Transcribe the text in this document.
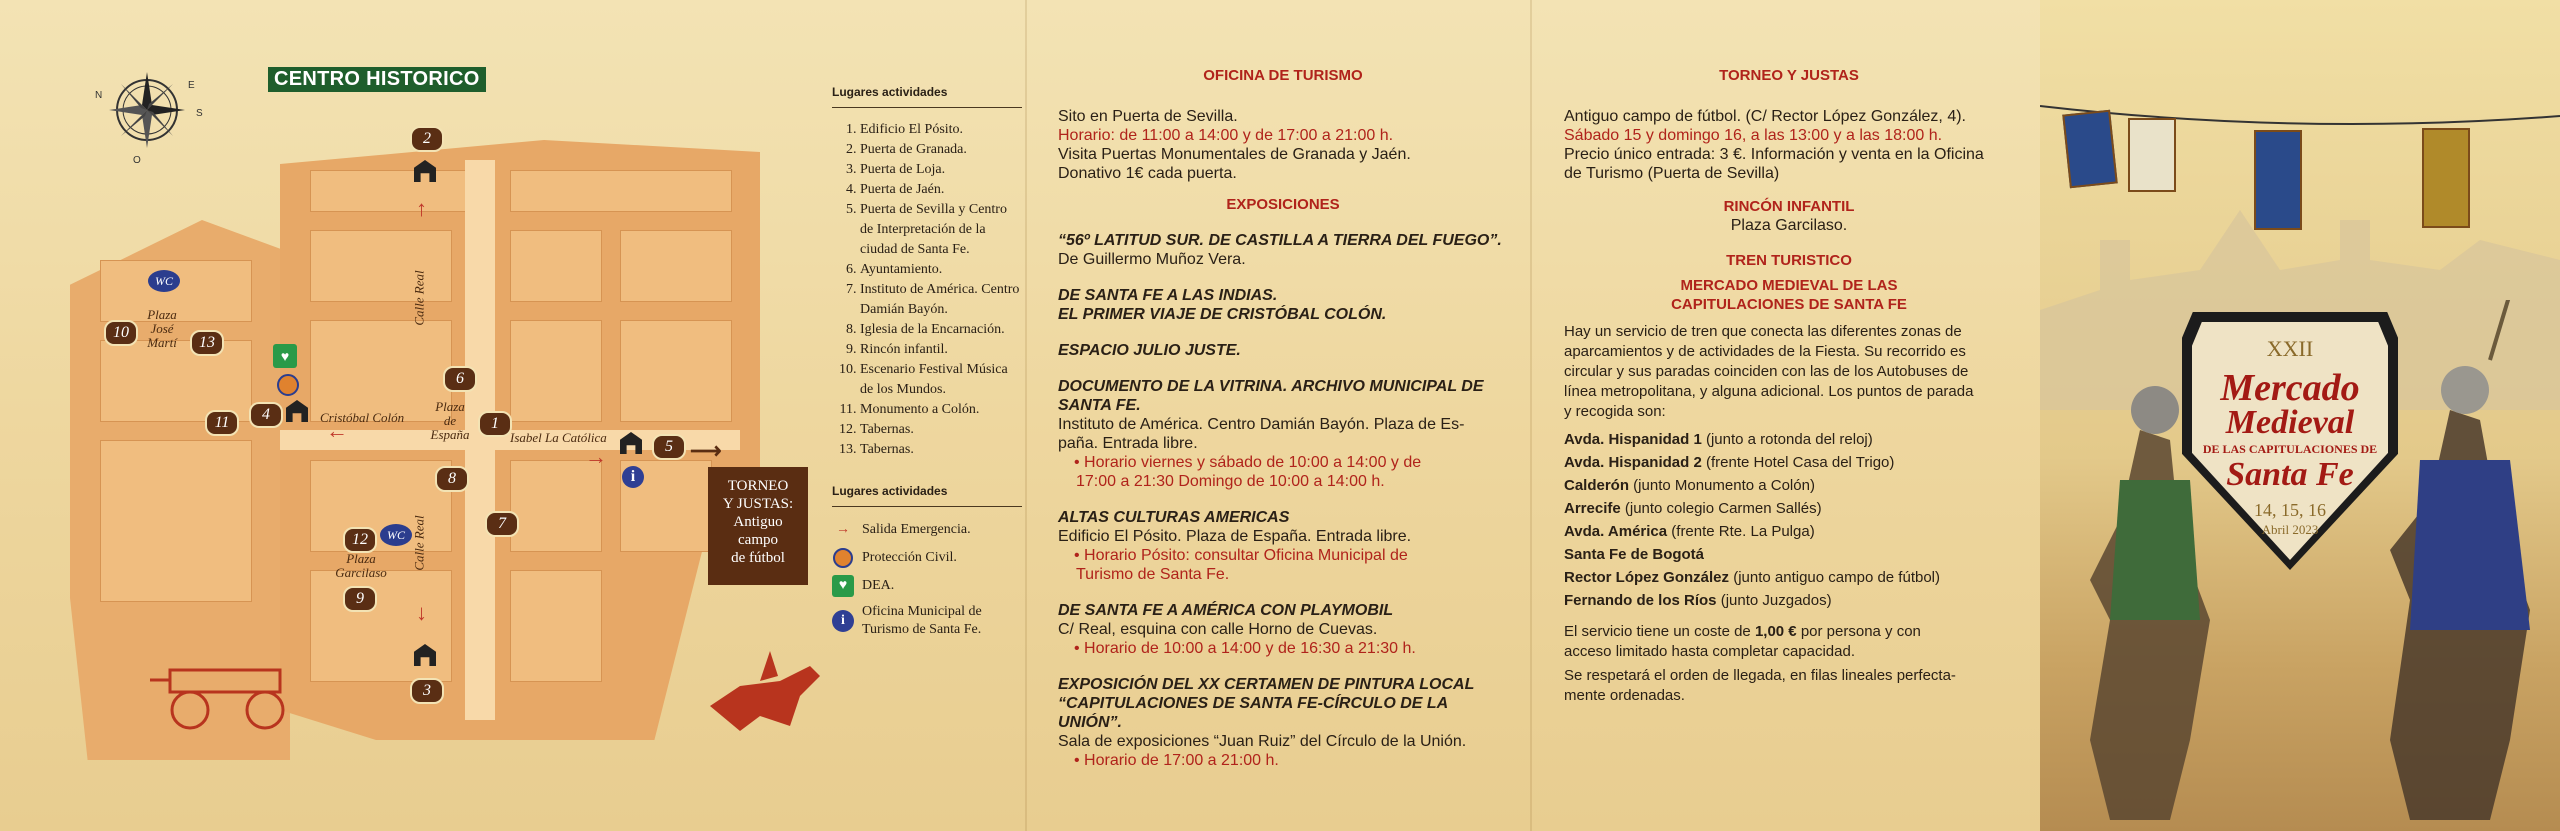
CENTRO HISTORICO
N
S
E
O
2
↑
6
1
8
7
5
→
i
10
13
11	4
←
♥
12
9
↓
3
WC
WC
Plaza
José
Martí
Plaza
de
España
Plaza
Garcilaso
Calle Real
Calle Real
Cristóbal Colón
Isabel La Católica
⟶
TORNEO
Y JUSTAS:
Antiguo
campo
de fútbol
Lugares actividades
1. Edificio El Pósito.
2. Puerta de Granada.
3. Puerta de Loja.
4. Puerta de Jaén.
5. Puerta de Sevilla y Centro de Interpretación de la ciudad de Santa Fe.
6. Ayuntamiento.
7. Instituto de América. Centro Damián Bayón.
8. Iglesia de la Encarnación.
9. Rincón infantil.
10. Escenario Festival Música de los Mundos.
11. Monumento a Colón.
12. Tabernas.
13. Tabernas.
Lugares actividades
→ Salida Emergencia.
Protección Civil.
♥	DEA.
i
Oficina Municipal de Turismo de Santa Fe.
OFICINA DE TURISMO

Sito en Puerta de Sevilla.

Horario: de 11:00 a 14:00 y de 17:00 a 21:00 h.

Visita Puertas Monumentales de Granada y Jaén.

Donativo 1€ cada puerta.

EXPOSICIONES

“56º LATITUD SUR. DE CASTILLA A TIERRA DEL FUEGO”.

De Guillermo Muñoz Vera.

DE SANTA FE A LAS INDIAS.

EL PRIMER VIAJE DE CRISTÓBAL COLÓN.

ESPACIO JULIO JUSTE.

DOCUMENTO DE LA VITRINA. ARCHIVO MUNICIPAL DE SANTA FE.

Instituto de América. Centro Damián Bayón. Plaza de Es-

paña. Entrada libre.

• Horario viernes y sábado de 10:00 a 14:00 y de

17:00 a 21:30 Domingo de 10:00 a 14:00 h.

ALTAS CULTURAS AMERICAS

Edificio El Pósito. Plaza de España. Entrada libre.

• Horario Pósito: consultar Oficina Municipal de

Turismo de Santa Fe.

DE SANTA FE A AMÉRICA CON PLAYMOBIL

C/ Real, esquina con calle Horno de Cuevas.

• Horario de 10:00 a 14:00 y de 16:30 a 21:30 h.

EXPOSICIÓN DEL XX CERTAMEN DE PINTURA LOCAL

“CAPITULACIONES DE SANTA FE-CÍRCULO DE LA UNIÓN”.

Sala de exposiciones “Juan Ruiz” del Círculo de la Unión.

• Horario de 17:00 a 21:00 h.

TORNEO Y JUSTAS

Antiguo campo de fútbol. (C/ Rector López González, 4).

Sábado 15 y domingo 16, a las 13:00 y a las 18:00 h.

Precio único entrada: 3 €. Información y venta en la Oficina

de Turismo (Puerta de Sevilla)

RINCÓN INFANTIL

Plaza Garcilaso.

TREN TURISTICO
MERCADO MEDIEVAL DE LAS
CAPITULACIONES DE SANTA FE

Hay un servicio de tren que conecta las diferentes zonas de

aparcamientos y de actividades de la Fiesta. Su recorrido es

circular y sus paradas coinciden con las de los Autobuses de

línea metropolitana, y alguna adicional. Los puntos de parada

y recogida son:

Avda. Hispanidad 1 (junto a rotonda del reloj)

Avda. Hispanidad 2 (frente Hotel Casa del Trigo)

Calderón (junto Monumento a Colón)

Arrecife (junto colegio Carmen Sallés)

Avda. América (frente Rte. La Pulga)

Santa Fe de Bogotá

Rector López González (junto antiguo campo de fútbol)

Fernando de los Ríos (junto Juzgados)

El servicio tiene un coste de 1,00 € por persona y con

acceso limitado hasta completar capacidad.

Se respetará el orden de llegada, en filas lineales perfecta-

mente ordenadas.

XXII
Mercado
Medieval
DE LAS CAPITULACIONES DE
Santa Fe
14, 15, 16
Abril 2023
